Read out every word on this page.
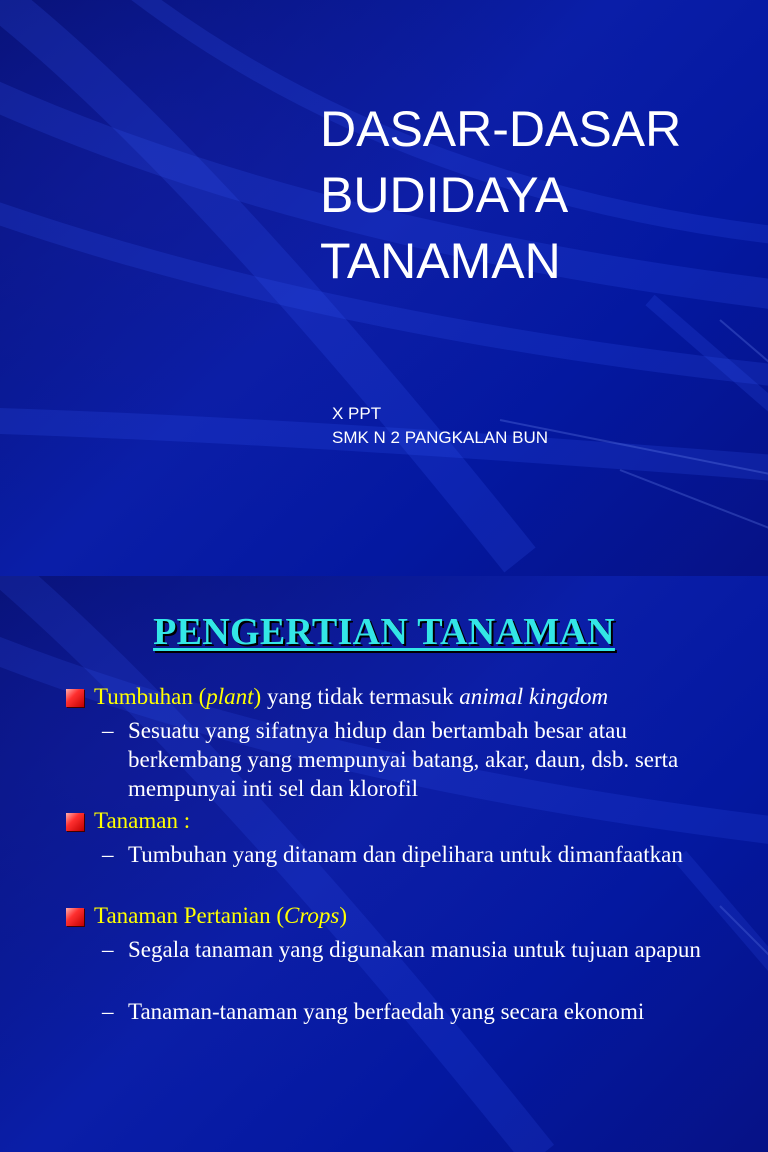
DASAR-DASAR
BUDIDAYA
TANAMAN
X PPT
SMK N 2 PANGKALAN BUN
PENGERTIAN TANAMAN
Tumbuhan (plant) yang tidak termasuk animal kingdom
– Sesuatu yang sifatnya hidup dan bertambah besar atau berkembang yang mempunyai batang, akar, daun, dsb. serta mempunyai inti sel dan klorofil
Tanaman :
– Tumbuhan yang ditanam dan dipelihara untuk dimanfaatkan
Tanaman Pertanian (Crops)
– Segala tanaman yang digunakan manusia untuk tujuan apapun
– Tanaman-tanaman yang berfaedah yang secara ekonomi
